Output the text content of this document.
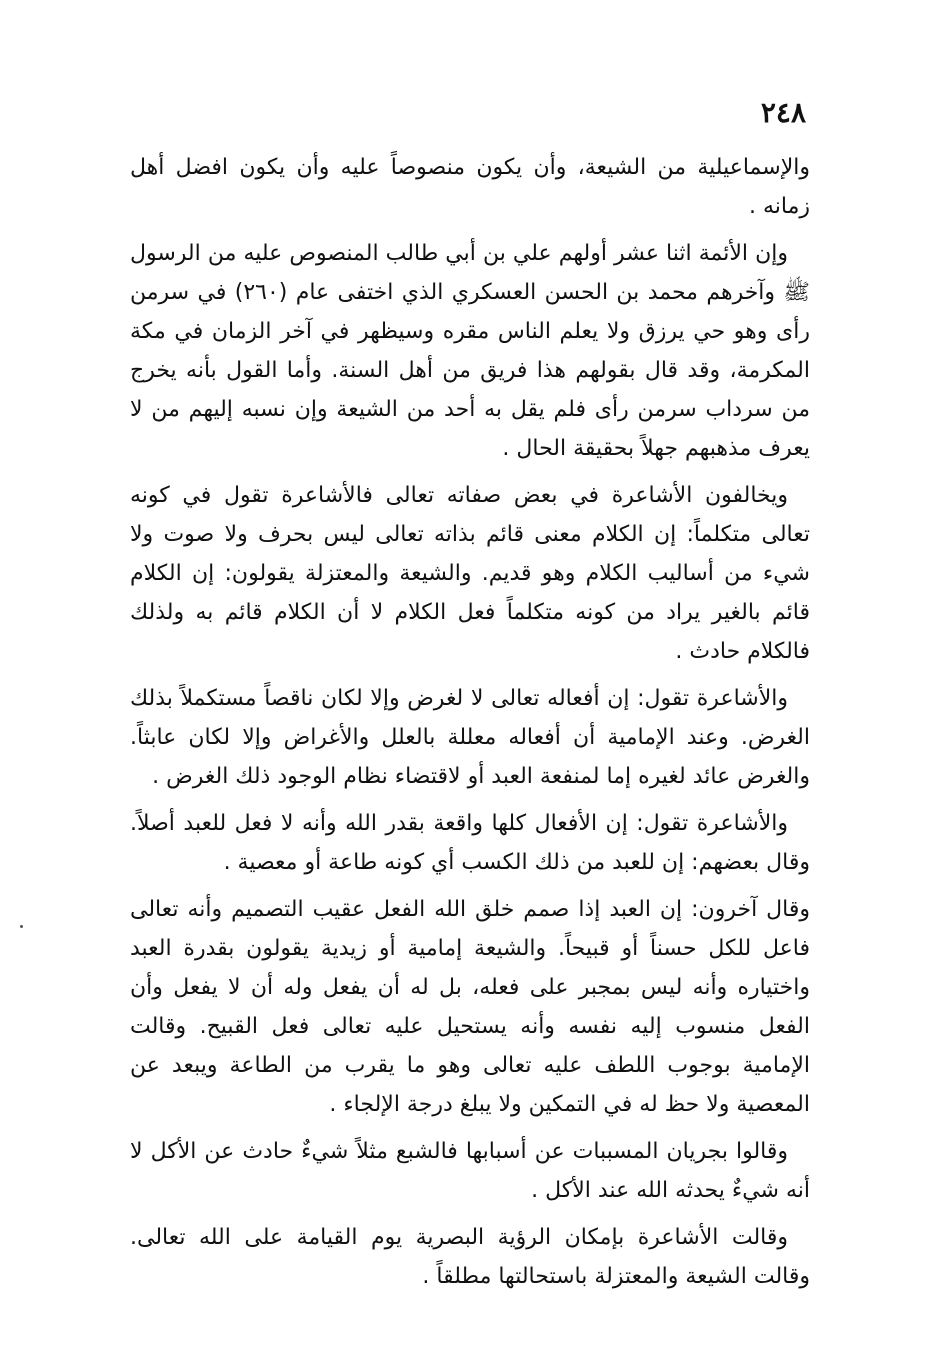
٢٤٨

والإسماعيلية من الشيعة، وأن يكون منصوصاً عليه وأن يكون افضل أهل زمانه .

وإن الأئمة اثنا عشر أولهم علي بن أبي طالب المنصوص عليه من الرسول ﷺ وآخرهم محمد بن الحسن العسكري الذي اختفى عام (٢٦٠) في سرمن رأى وهو حي يرزق ولا يعلم الناس مقره وسيظهر في آخر الزمان في مكة المكرمة، وقد قال بقولهم هذا فريق من أهل السنة. وأما القول بأنه يخرج من سرداب سرمن رأى فلم يقل به أحد من الشيعة وإن نسبه إليهم من لا يعرف مذهبهم جهلاً بحقيقة الحال .

ويخالفون الأشاعرة في بعض صفاته تعالى فالأشاعرة تقول في كونه تعالى متكلماً: إن الكلام معنى قائم بذاته تعالى ليس بحرف ولا صوت ولا شيء من أساليب الكلام وهو قديم. والشيعة والمعتزلة يقولون: إن الكلام قائم بالغير يراد من كونه متكلماً فعل الكلام لا أن الكلام قائم به ولذلك فالكلام حادث .

والأشاعرة تقول: إن أفعاله تعالى لا لغرض وإلا لكان ناقصاً مستكملاً بذلك الغرض. وعند الإمامية أن أفعاله معللة بالعلل والأغراض وإلا لكان عابثاً. والغرض عائد لغيره إما لمنفعة العبد أو لاقتضاء نظام الوجود ذلك الغرض .

والأشاعرة تقول: إن الأفعال كلها واقعة بقدر الله وأنه لا فعل للعبد أصلاً. وقال بعضهم: إن للعبد من ذلك الكسب أي كونه طاعة أو معصية .

وقال آخرون: إن العبد إذا صمم خلق الله الفعل عقيب التصميم وأنه تعالى فاعل للكل حسناً أو قبيحاً. والشيعة إمامية أو زيدية يقولون بقدرة العبد واختياره وأنه ليس بمجبر على فعله، بل له أن يفعل وله أن لا يفعل وأن الفعل منسوب إليه نفسه وأنه يستحيل عليه تعالى فعل القبيح. وقالت الإمامية بوجوب اللطف عليه تعالى وهو ما يقرب من الطاعة ويبعد عن المعصية ولا حظ له في التمكين ولا يبلغ درجة الإلجاء .

وقالوا بجريان المسببات عن أسبابها فالشبع مثلاً شيءٌ حادث عن الأكل لا أنه شيءٌ يحدثه الله عند الأكل .

وقالت الأشاعرة بإمكان الرؤية البصرية يوم القيامة على الله تعالى. وقالت الشيعة والمعتزلة باستحالتها مطلقاً .
